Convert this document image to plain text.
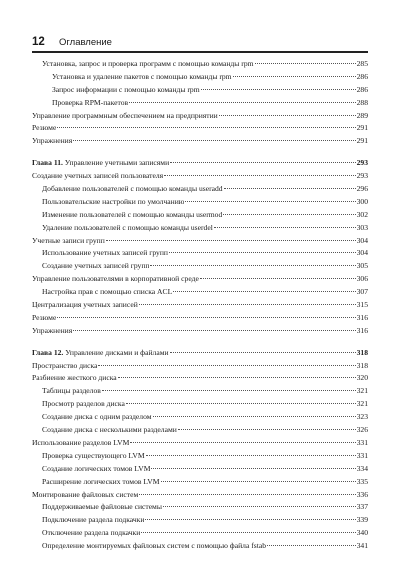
12 Оглавление
Установка, запрос и проверка программ с помощью команды rpm	285
Установка и удаление пакетов с помощью команды rpm	286
Запрос информации с помощью команды rpm	286
Проверка RPM-пакетов	288
Управление программным обеспечением на предприятии	289
Резюме	291
Упражнения	291
Глава 11. Управление учетными записями	293
Создание учетных записей пользователя	293
Добавление пользователей с помощью команды useradd	296
Пользовательские настройки по умолчанию	300
Изменение пользователей с помощью команды usermod	302
Удаление пользователей с помощью команды userdel	303
Учетные записи групп	304
Использование учетных записей групп	304
Создание учетных записей групп	305
Управление пользователями в корпоративной среде	306
Настройка прав с помощью списка ACL	307
Централизация учетных записей	315
Резюме	316
Упражнения	316
Глава 12. Управление дисками и файлами	318
Пространство диска	318
Разбиение жесткого диска	320
Таблицы разделов	321
Просмотр разделов диска	321
Создание диска с одним разделом	323
Создание диска с несколькими разделами	326
Использование разделов LVM	331
Проверка существующего LVM	331
Создание логических томов LVM	334
Расширение логических томов LVM	335
Монтирование файловых систем	336
Поддерживаемые файловые системы	337
Подключение раздела подкачки	339
Отключение раздела подкачки	340
Определение монтируемых файловых систем с помощью файла fstab	341
